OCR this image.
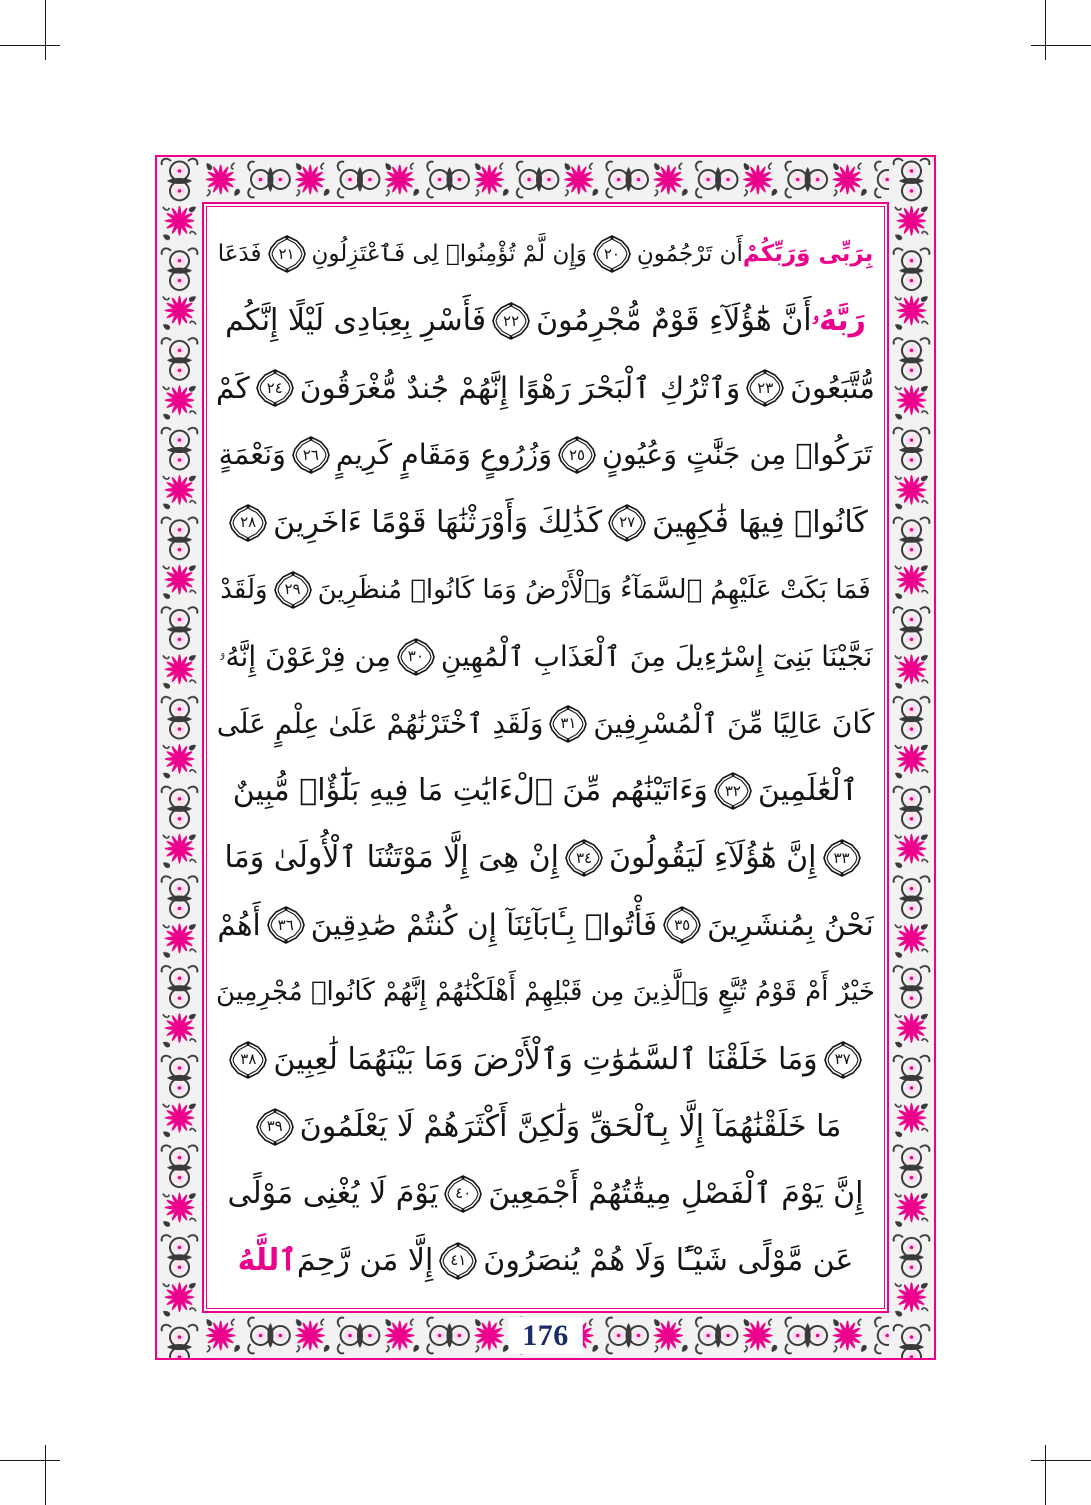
بِرَبِّى وَرَبِّكُمْ
أَن تَرْجُمُونِ
٢٠
وَإِن لَّمْ تُؤْمِنُوا۟ لِى فَٱعْتَزِلُونِ
٢١
فَدَعَا
رَبَّهُۥ
أَنَّ هَٰٓؤُلَآءِ قَوْمٌ مُّجْرِمُونَ
٢٢
فَأَسْرِ بِعِبَادِى لَيْلًا إِنَّكُم
مُّتَّبَعُونَ
٢٣
وَٱتْرُكِ ٱلْبَحْرَ رَهْوًا إِنَّهُمْ جُندٌ مُّغْرَقُونَ
٢٤
كَمْ
تَرَكُوا۟ مِن جَنَّٰتٍ وَعُيُونٍ
٢٥
وَزُرُوعٍ وَمَقَامٍ كَرِيمٍ
٢٦
وَنَعْمَةٍ
كَانُوا۟ فِيهَا فَٰكِهِينَ
٢٧
كَذَٰلِكَ وَأَوْرَثْنَٰهَا قَوْمًا ءَاخَرِينَ
٢٨
فَمَا بَكَتْ عَلَيْهِمُ ٱلسَّمَآءُ وَٱلْأَرْضُ وَمَا كَانُوا۟ مُنظَرِينَ
٢٩
وَلَقَدْ
نَجَّيْنَا بَنِىٓ إِسْرَٰٓءِيلَ مِنَ ٱلْعَذَابِ ٱلْمُهِينِ
٣٠
مِن فِرْعَوْنَ إِنَّهُۥ
كَانَ عَالِيًا مِّنَ ٱلْمُسْرِفِينَ
٣١
وَلَقَدِ ٱخْتَرْنَٰهُمْ عَلَىٰ عِلْمٍ عَلَى
ٱلْعَٰلَمِينَ
٣٢
وَءَاتَيْنَٰهُم مِّنَ ٱلْءَايَٰتِ مَا فِيهِ بَلَٰٓؤٌا۟ مُّبِينٌ
٣٣
إِنَّ هَٰٓؤُلَآءِ لَيَقُولُونَ
٣٤
إِنْ هِىَ إِلَّا مَوْتَتُنَا ٱلْأُولَىٰ وَمَا
نَحْنُ بِمُنشَرِينَ
٣٥
فَأْتُوا۟ بِـَٔابَآئِنَآ إِن كُنتُمْ صَٰدِقِينَ
٣٦
أَهُمْ
خَيْرٌ أَمْ قَوْمُ تُبَّعٍ وَٱلَّذِينَ مِن قَبْلِهِمْ أَهْلَكْنَٰهُمْ إِنَّهُمْ كَانُوا۟ مُجْرِمِينَ
٣٧
وَمَا خَلَقْنَا ٱلسَّمَٰوَٰتِ وَٱلْأَرْضَ وَمَا بَيْنَهُمَا لَٰعِبِينَ
٣٨
مَا خَلَقْنَٰهُمَآ إِلَّا بِٱلْحَقِّ وَلَٰكِنَّ أَكْثَرَهُمْ لَا يَعْلَمُونَ
٣٩
إِنَّ يَوْمَ ٱلْفَصْلِ مِيقَٰتُهُمْ أَجْمَعِينَ
٤٠
يَوْمَ لَا يُغْنِى مَوْلًى
عَن مَّوْلًى شَيْـًٔا وَلَا هُمْ يُنصَرُونَ
٤١
إِلَّا مَن رَّحِمَ
ٱللَّهُ
176
